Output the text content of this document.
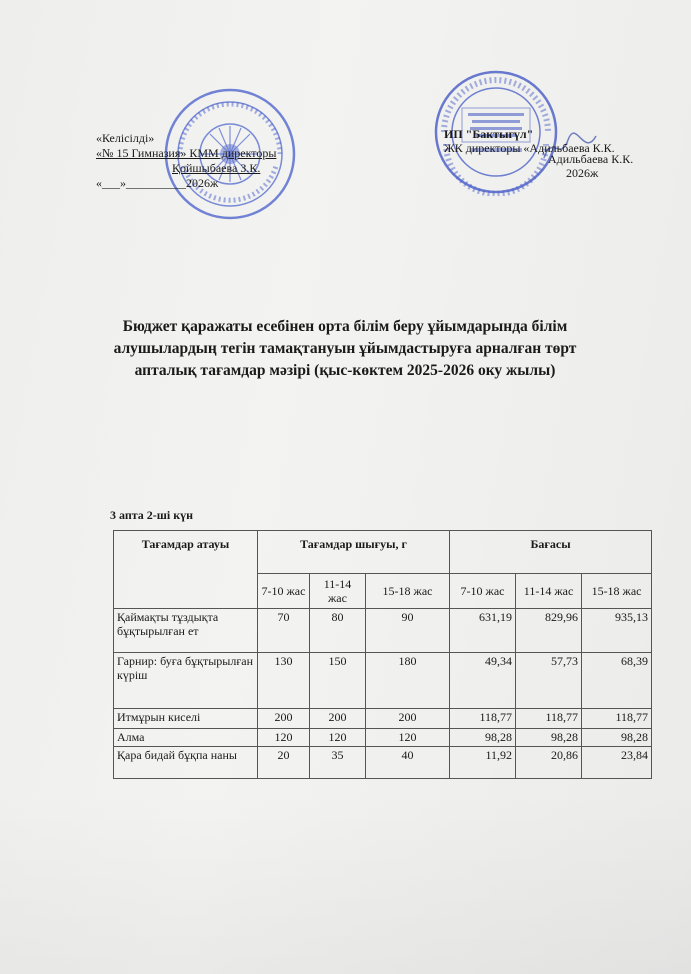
«Келісілді»
«№ 15 Гимназия» КММ директоры
Қойшыбаева З.К.
«___»__________2026ж
ИП "Бактыгүл"
ЖК директоры «Адильбаева К.К.
Адильбаева К.К.
2026ж
Бюджет қаражаты есебінен орта білім беру ұйымдарында білім алушылардың тегін тамақтануын ұйымдастыруға арналған төрт апталық тағамдар мәзірі (қыс-көктем 2025-2026 оку жылы)
3 апта 2-ші күн
Тағамдар атауы	Тағамдар шығуы, г			Бағасы		
	7-10 жас	11-14 жас	15-18 жас	7-10 жас	11-14 жас	15-18 жас
Қаймақты тұздықта бұқтырылған ет	70	80	90	631,19	829,96	935,13
Гарнир: буға бұқтырылған күріш	130	150	180	49,34	57,73	68,39
Итмұрын киселі	200	200	200	118,77	118,77	118,77
Алма	120	120	120	98,28	98,28	98,28
Қара бидай бұқпа наны	20	35	40	11,92	20,86	23,84
